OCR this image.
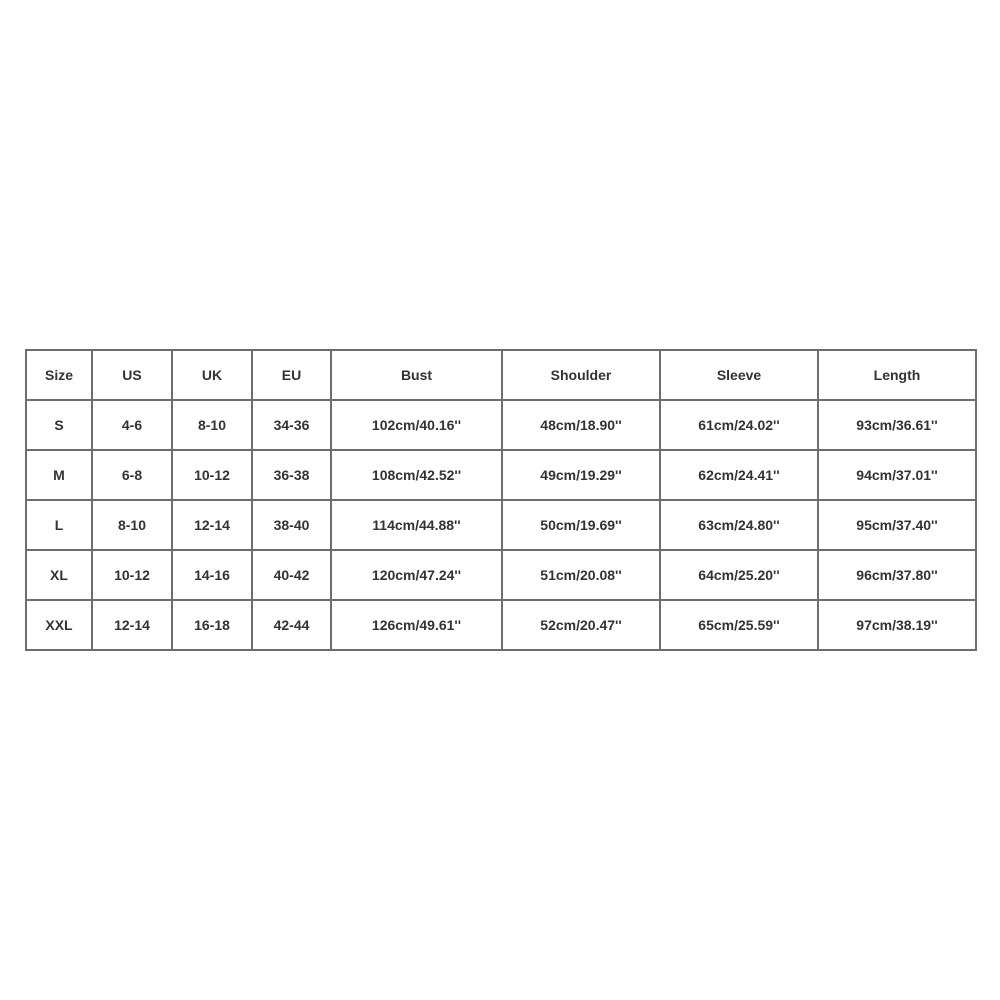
Size	US	UK	EU	Bust	Shoulder	Sleeve	Length
S	4-6	8-10	34-36	102cm/40.16''	48cm/18.90''	61cm/24.02''	93cm/36.61''
M	6-8	10-12	36-38	108cm/42.52''	49cm/19.29''	62cm/24.41''	94cm/37.01''
L	8-10	12-14	38-40	114cm/44.88''	50cm/19.69''	63cm/24.80''	95cm/37.40''
XL	10-12	14-16	40-42	120cm/47.24''	51cm/20.08''	64cm/25.20''	96cm/37.80''
XXL	12-14	16-18	42-44	126cm/49.61''	52cm/20.47''	65cm/25.59''	97cm/38.19''
